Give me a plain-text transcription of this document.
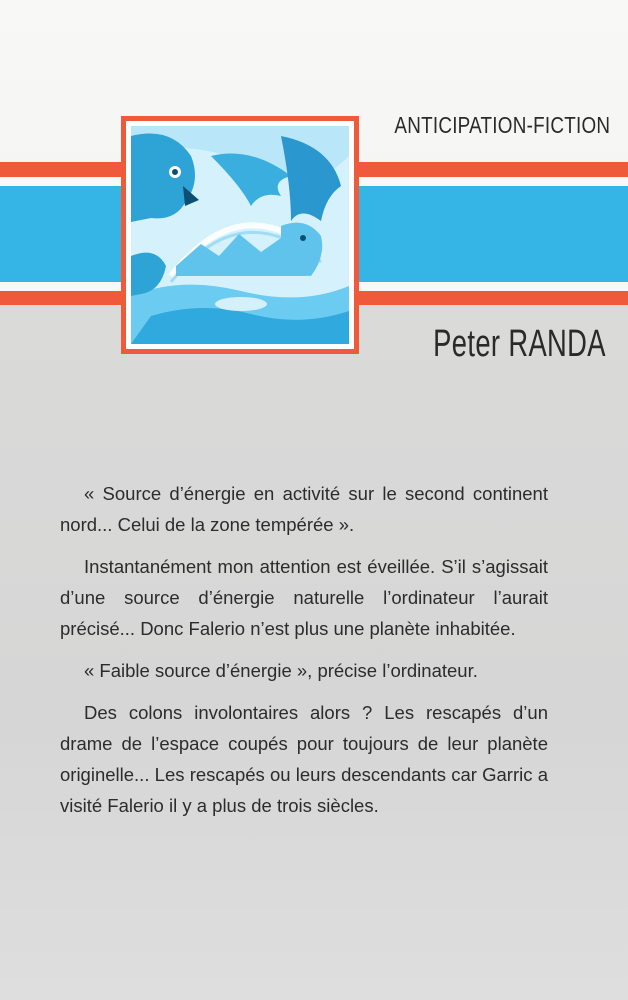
ANTICIPATION-FICTION
Peter RANDA

« Source d’énergie en activité sur le second continent nord... Celui de la zone tempérée ».

Instantanément mon attention est éveillée. S’il s’agissait d’une source d’énergie naturelle l’ordinateur l’aurait précisé... Donc Falerio n’est plus une planète inhabitée.

« Faible source d’énergie », précise l’ordinateur.

Des colons involontaires alors ? Les rescapés d’un drame de l’espace coupés pour toujours de leur planète originelle... Les rescapés ou leurs descendants car Garric a visité Falerio il y a plus de trois siècles.
